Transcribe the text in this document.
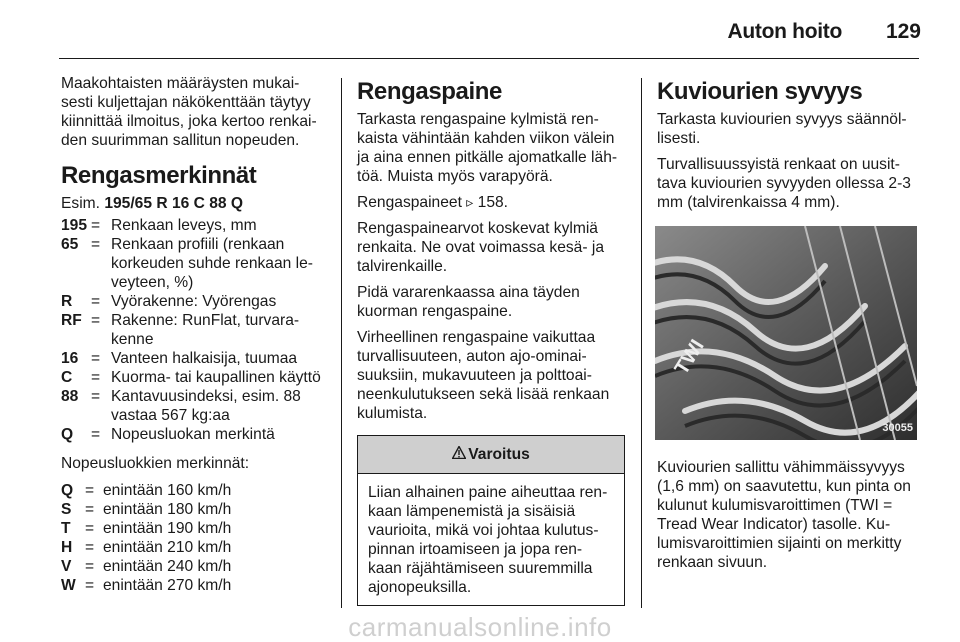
Auton hoito 129

Maakohtaisten määräysten mukai-sesti kuljettajan näkökenttään täytyy kiinnittää ilmoitus, joka kertoo renkai-den suurimman sallitun nopeuden.

Rengasmerkinnät

Esim. 195/65 R 16 C 88 Q

195	=	Renkaan leveys, mm
65	=	Renkaan profiili (renkaan korkeuden suhde renkaan le-veyteen, %)
R	=	Vyörakenne: Vyörengas
RF	=	Rakenne: RunFlat, turvara-kenne
16	=	Vanteen halkaisija, tuumaa
C	=	Kuorma- tai kaupallinen käyttö
88	=	Kantavuusindeksi, esim. 88 vastaa 567 kg:aa
Q	=	Nopeusluokan merkintä

Nopeusluokkien merkinnät:

Q	=	enintään 160 km/h
S	=	enintään 180 km/h
T	=	enintään 190 km/h
H	=	enintään 210 km/h
V	=	enintään 240 km/h
W	=	enintään 270 km/h
Rengaspaine

Tarkasta rengaspaine kylmistä ren-kaista vähintään kahden viikon välein ja aina ennen pitkälle ajomatkalle läh-töä. Muista myös varapyörä.

Rengaspaineet ▹ 158.

Rengaspainearvot koskevat kylmiä renkaita. Ne ovat voimassa kesä- ja talvirenkaille.

Pidä vararenkaassa aina täyden kuorman rengaspaine.

Virheellinen rengaspaine vaikuttaa turvallisuuteen, auton ajo-ominai-suuksiin, mukavuuteen ja polttoai-neenkulutukseen sekä lisää renkaan kulumista.

Varoitus
Liian alhainen paine aiheuttaa ren-kaan lämpenemistä ja sisäisiä vaurioita, mikä voi johtaa kulutus-pinnan irtoamiseen ja jopa ren-kaan räjähtämiseen suuremmilla ajonopeuksilla.
Kuviourien syvyys

Tarkasta kuviourien syvyys säännöl-lisesti.

Turvallisuussyistä renkaat on uusit-tava kuviourien syvyyden ollessa 2-3 mm (talvirenkaissa 4 mm).

TWI
30055

Kuviourien sallittu vähimmäissyvyys (1,6 mm) on saavutettu, kun pinta on kulunut kulumisvaroittimen (TWI = Tread Wear Indicator) tasolle. Ku-lumisvaroittimien sijainti on merkitty renkaan sivuun.

carmanualsonline.info
